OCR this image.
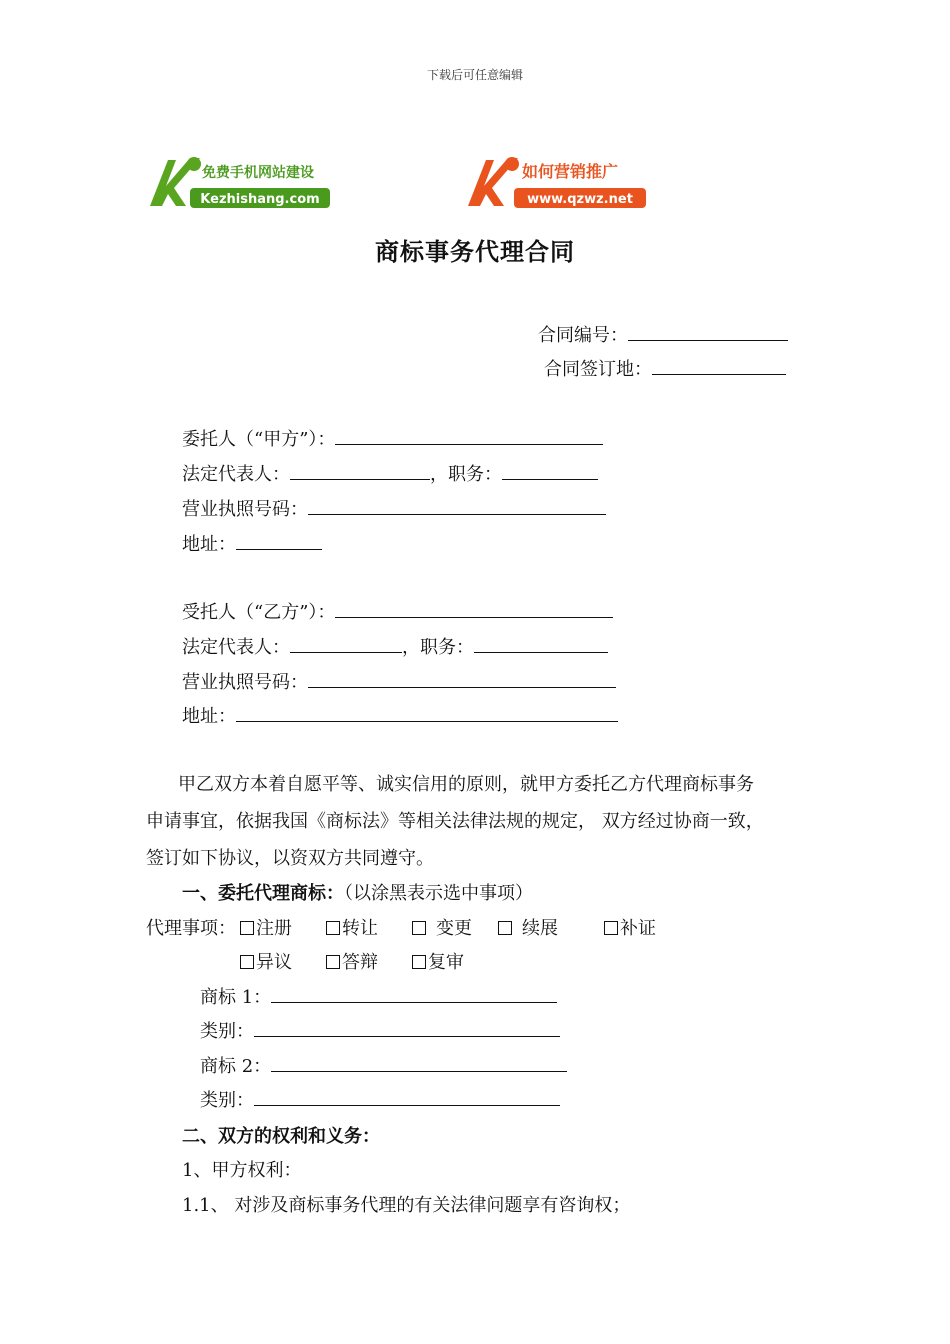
下载后可任意编辑
Kezhishang.com
免费手机网站建设
www.qzwz.net
如何营销推广
商标事务代理合同
合同编号：
合同签订地：
委托人（“甲方”）：
法定代表人：	，职务：
营业执照号码：
地址：
受托人（“乙方”）：
法定代表人：	，职务：
营业执照号码：
地址：
甲乙双方本着自愿平等、诚实信用的原则，就甲方委托乙方代理商标事务
申请事宜，依据我国《商标法》等相关法律法规的规定， 双方经过协商一致，
签订如下协议，以资双方共同遵守。
一、委托代理商标：（以涂黑表示选中事项）
代理事项： 注册	转让	变更	续展	补证
异议	答辩	复审
商标 1：
类别：
商标 2：
类别：
二、双方的权利和义务：
1、甲方权利：
1.1、 对涉及商标事务代理的有关法律问题享有咨询权；
